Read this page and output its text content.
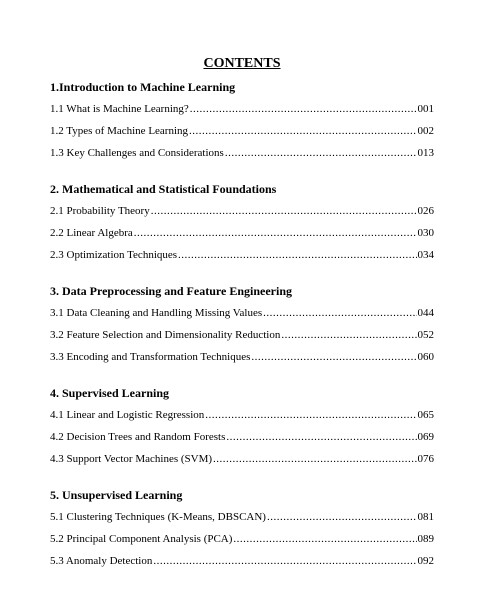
CONTENTS
1.Introduction to Machine Learning
1.1 What is Machine Learning? .....	001
1.2 Types of Machine Learning .....	002
1.3 Key Challenges and Considerations .....	013
2. Mathematical and Statistical Foundations
2.1 Probability Theory .....	026
2.2 Linear Algebra .....	030
2.3 Optimization Techniques .....	034
3. Data Preprocessing and Feature Engineering
3.1 Data Cleaning and Handling Missing Values .....	044
3.2 Feature Selection and Dimensionality Reduction .....	052
3.3 Encoding and Transformation Techniques .....	060
4. Supervised Learning
4.1 Linear and Logistic Regression .....	065
4.2 Decision Trees and Random Forests .....	069
4.3 Support Vector Machines (SVM) .....	076
5. Unsupervised Learning
5.1 Clustering Techniques (K-Means, DBSCAN) .....	081
5.2 Principal Component Analysis (PCA) .....	089
5.3 Anomaly Detection .....	092
